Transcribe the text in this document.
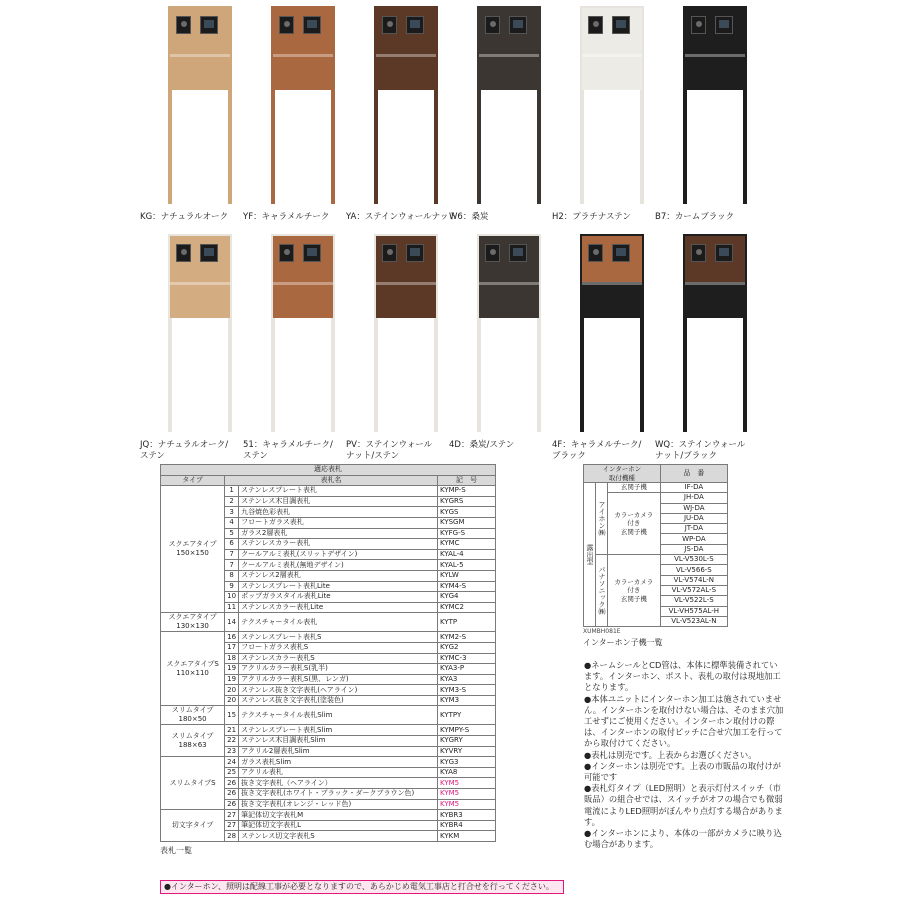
KG：ナチュラルオーク	YF：キャラメルチーク	YA：ステインウォールナット
W6：桑炭	H2：プラチナステン	B7：カームブラック
JQ：ナチュラルオーク/
ステン
51：キャラメルチーク/
ステン
PV：ステインウォール
ナット/ステン
4D：桑炭/ステン	4F：キャラメルチーク/
ブラック
WQ：ステインウォール
ナット/ブラック
適応表札			
タイプ	表札名		記　号
スクエアタイプ
150×150	1	ステンレスプレート表札	KYMP-S
	2	ステンレス木目調表札	KYGRS
	3	九谷焼色彩表札	KYGS
	4	フロートガラス表札	KYSGM
	5	ガラス2層表札	KYFG-S
	6	ステンレスカラー表札	KYMC
	7	クールアルミ表札(スリットデザイン)	KYAL-4
	7	クールアルミ表札(無地デザイン)	KYAL-5
	8	ステンレス2層表札	KYLW
	9	ステンレスプレート表札Lite	KYM4-S
	10	ポップガラスタイル表札Lite	KYG4
	11	ステンレスカラー表札Lite	KYMC2
スクエアタイプ
130×130	14	テクスチャータイル表札	KYTP
スクエアタイプS
110×110	16	ステンレスプレート表札S	KYM2-S
	17	フロートガラス表札S	KYG2
	18	ステンレスカラー表札S	KYMC-3
	19	アクリルカラー表札S(乳半)	KYA3-P
	19	アクリルカラー表札S(黒、レンガ)	KYA3
	20	ステンレス抜き文字表札(ヘアライン)	KYM3-S
	20	ステンレス抜き文字表札(塗装色)	KYM3
スリムタイプ
180×50	15	テクスチャータイル表札Slim	KYTPY
スリムタイプ
188×63	21	ステンレスプレート表札Slim	KYMPY-S
	22	ステンレス木目調表札Slim	KYGRY
	23	アクリル2層表札Slim	KYVRY
スリムタイプS	24	ガラス表札Slim	KYG3
	25	アクリル表札	KYA8
	26	抜き文字表札（ヘアライン）	KYM5
	26	抜き文字表札(ホワイト・ブラック・ダークブラウン色)	KYM5
	26	抜き文字表札(オレンジ・レッド色)	KYM5
切文字タイプ	27	筆記体切文字表札M	KYBR3
	27	筆記体切文字表札L	KYBR4
	28	ステンレス切文字表札S	KYKM
表札一覧
●インターホン、照明は配線工事が必要となりますので、あらかじめ電気工事店と打合せを行ってください。
インターホン
取付機種			品　番
露出型	アイホン㈱	玄関子機	IF-DA
		カラーカメラ
付き
玄関子機	JH-DA
			WJ-DA
			JU-DA
			JT-DA
			WP-DA
			JS-DA
	パナソニック㈱	カラーカメラ
付き
玄関子機	VL-V530L-S
			VL-V566-S
			VL-V574L-N
			VL-V572AL-S
			VL-V522L-S
			VL-VH575AL-H
			VL-V523AL-N
XUMBH081E
インターホン子機一覧

●ネームシールとCD管は、本体に標準装備されています。インターホン、ポスト、表札の取付は現地加工となります。

●本体ユニットにインターホン加工は施されていません。インターホンを取付けない場合は、そのまま穴加工せずにご使用ください。インターホン取付けの際は、インターホンの取付ピッチに合せ穴加工を行ってから取付けてください。

●表札は別売です。上表からお選びください。

●インターホンは別売です。上表の市販品の取付けが可能です

●表札灯タイプ（LED照明）と表示灯付スイッチ（市販品）の組合せでは、スイッチがオフの場合でも微弱電流によりLED照明がぼんやり点灯する場合があります。

●インターホンにより、本体の一部がカメラに映り込む場合があります。
